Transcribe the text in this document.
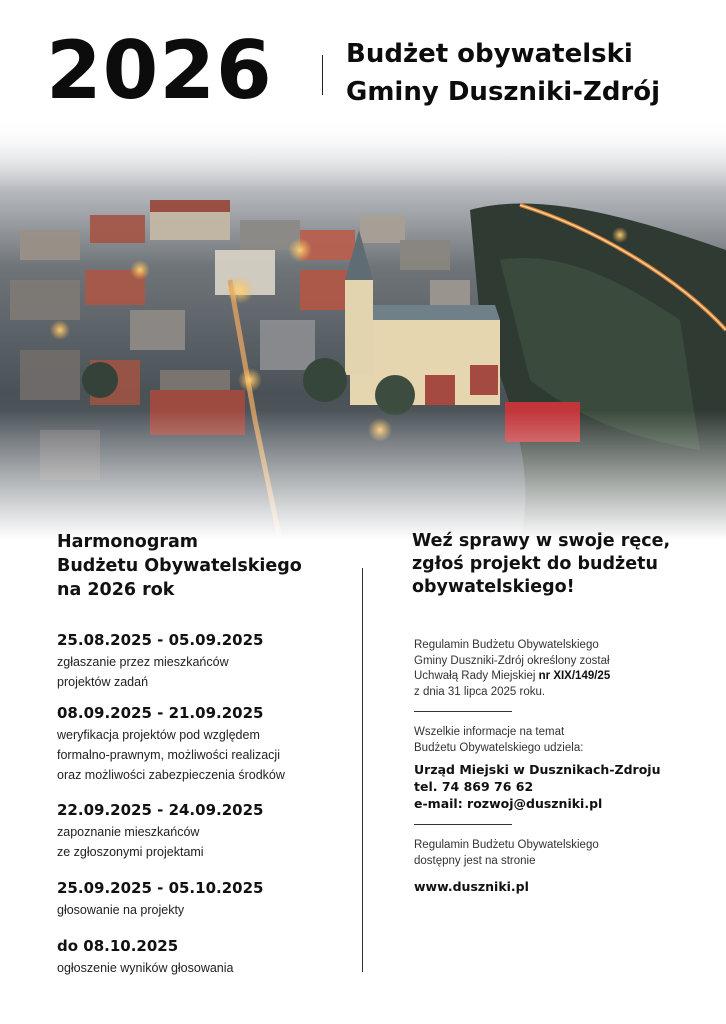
2026	Budżet obywatelski
Gminy Duszniki-Zdrój
Harmonogram
Budżetu Obywatelskiego
na 2026 rok
25.08.2025 - 05.09.2025
zgłaszanie przez mieszkańców
projektów zadań
08.09.2025 - 21.09.2025
weryfikacja projektów pod względem
formalno-prawnym, możliwości realizacji
oraz możliwości zabezpieczenia środków
22.09.2025 - 24.09.2025
zapoznanie mieszkańców
ze zgłoszonymi projektami
25.09.2025 - 05.10.2025
głosowanie na projekty
do 08.10.2025
ogłoszenie wyników głosowania
Weź sprawy w swoje ręce,
zgłoś projekt do budżetu
obywatelskiego!
Regulamin Budżetu Obywatelskiego
Gminy Duszniki-Zdrój określony został
Uchwałą Rady Miejskiej nr XIX/149/25
z dnia 31 lipca 2025 roku.
Wszelkie informacje na temat
Budżetu Obywatelskiego udziela:
Urząd Miejski w Dusznikach-Zdroju
tel. 74 869 76 62
e-mail: rozwoj@duszniki.pl
Regulamin Budżetu Obywatelskiego
dostępny jest na stronie
www.duszniki.pl
